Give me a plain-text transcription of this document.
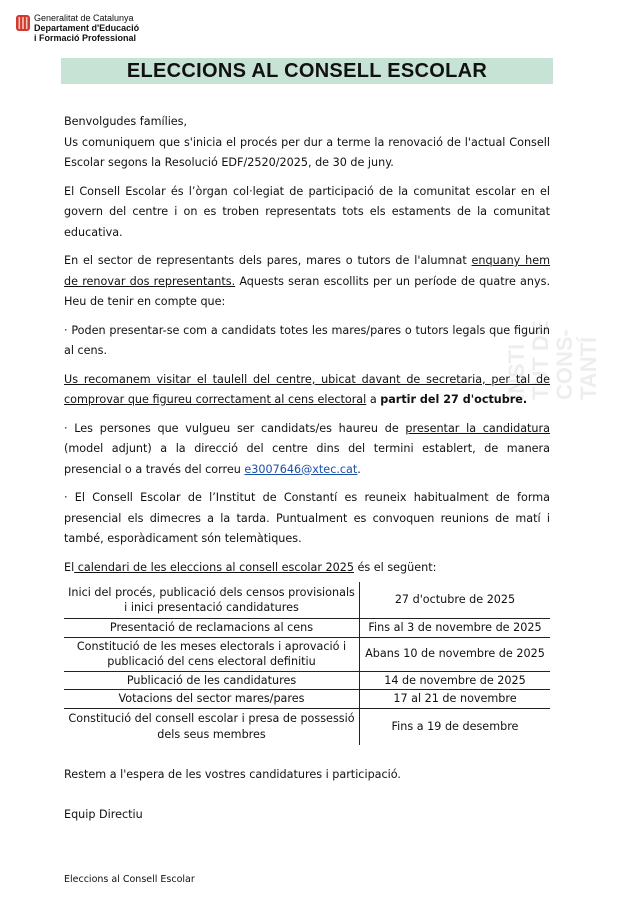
Generalitat de Catalunya
Departament d'Educació
i Formació Professional
ELECCIONS AL CONSELL ESCOLAR
INSTI TUT DE CONS- TANTÍ

Benvolgudes famílies,

Us comuniquem que s'inicia el procés per dur a terme la renovació de l'actual Consell Escolar segons la Resolució EDF/2520/2025, de 30 de juny.

El Consell Escolar és l’òrgan col·legiat de participació de la comunitat escolar en el govern del centre i on es troben representats tots els estaments de la comunitat educativa.

En el sector de representants dels pares, mares o tutors de l'alumnat enquany hem de renovar dos representants. Aquests seran escollits per un període de quatre anys. Heu de tenir en compte que:

· Poden presentar-se com a candidats totes les mares/pares o tutors legals que figurin al cens.

Us recomanem visitar el taulell del centre, ubicat davant de secretaria, per tal de comprovar que figureu correctament al cens electoral a partir del 27 d'octubre.

· Les persones que vulgueu ser candidats/es haureu de presentar la candidatura (model adjunt) a la direcció del centre dins del termini establert, de manera presencial o a través del correu e3007646@xtec.cat.

· El Consell Escolar de l’Institut de Constantí es reuneix habitualment de forma presencial els dimecres a la tarda. Puntualment es convoquen reunions de matí i també, esporàdicament són telemàtiques.

El calendari de les eleccions al consell escolar 2025 és el següent:

Inici del procés, publicació dels censos provisionals i inici presentació candidatures	27 d'octubre de 2025
Presentació de reclamacions al cens	Fins al 3 de novembre de 2025
Constitució de les meses electorals i aprovació i publicació del cens electoral definitiu	Abans 10 de novembre de 2025
Publicació de les candidatures	14 de novembre de 2025
Votacions del sector mares/pares	17 al 21 de novembre
Constitució del consell escolar i presa de possessió dels seus membres	Fins a 19 de desembre

Restem a l'espera de les vostres candidatures i participació.

Equip Directiu

Eleccions al Consell Escolar
